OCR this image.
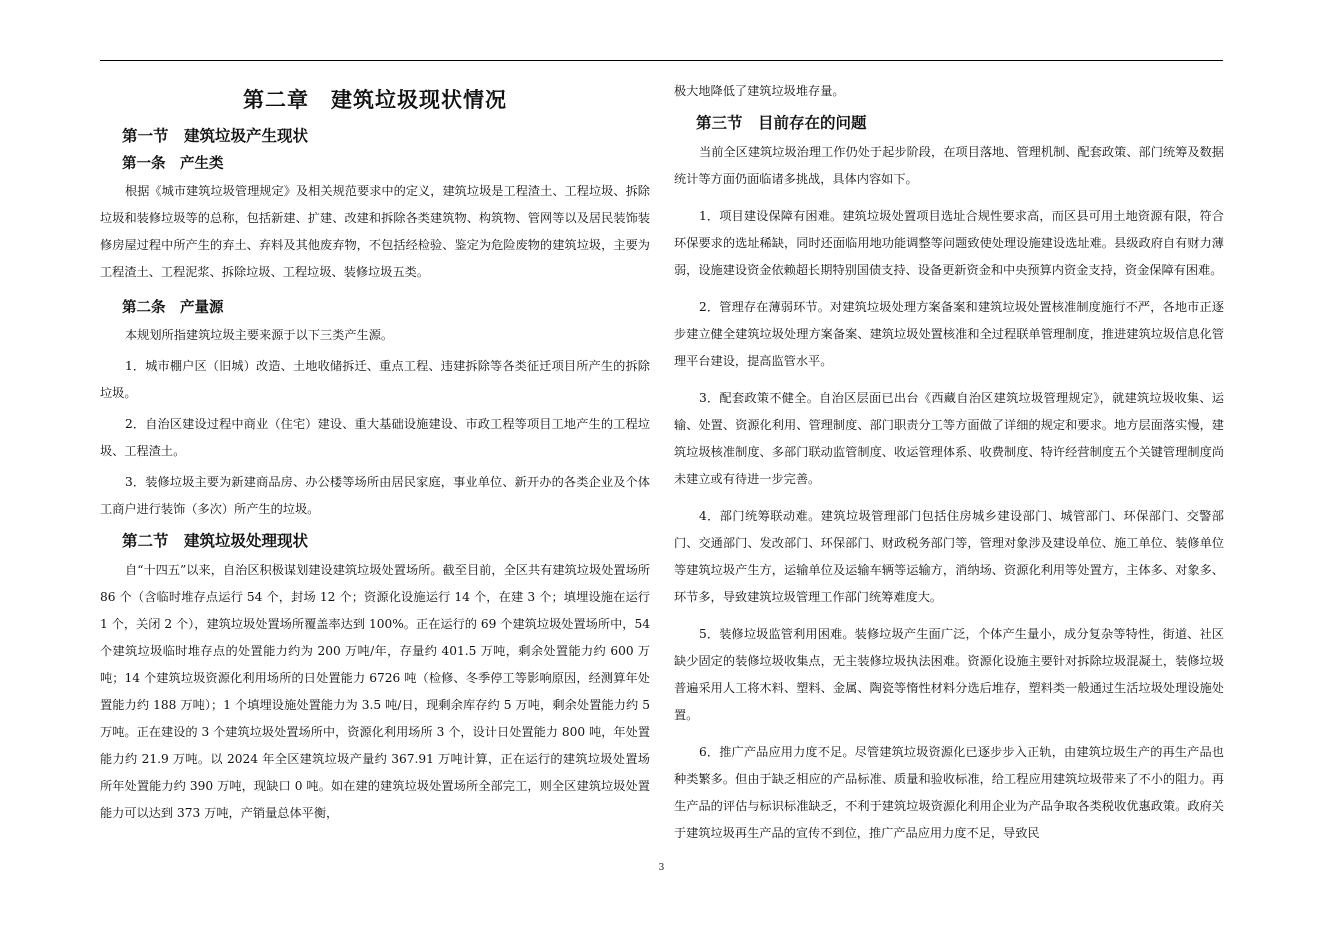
第二章　建筑垃圾现状情况
第一节　建筑垃圾产生现状
第一条　产生类

根据《城市建筑垃圾管理规定》及相关规范要求中的定义，建筑垃圾是工程渣土、工程垃圾、拆除垃圾和装修垃圾等的总称，包括新建、扩建、改建和拆除各类建筑物、构筑物、管网等以及居民装饰装修房屋过程中所产生的弃土、弃料及其他废弃物，不包括经检验、鉴定为危险废物的建筑垃圾，主要为工程渣土、工程泥浆、拆除垃圾、工程垃圾、装修垃圾五类。

第二条　产量源

本规划所指建筑垃圾主要来源于以下三类产生源。

1．城市棚户区（旧城）改造、土地收储拆迁、重点工程、违建拆除等各类征迁项目所产生的拆除垃圾。

2．自治区建设过程中商业（住宅）建设、重大基础设施建设、市政工程等项目工地产生的工程垃圾、工程渣土。

3．装修垃圾主要为新建商品房、办公楼等场所由居民家庭，事业单位、新开办的各类企业及个体工商户进行装饰（多次）所产生的垃圾。

第二节　建筑垃圾处理现状

自“十四五”以来，自治区积极谋划建设建筑垃圾处置场所。截至目前，全区共有建筑垃圾处置场所 86 个（含临时堆存点运行 54 个，封场 12 个；资源化设施运行 14 个，在建 3 个；填埋设施在运行 1 个，关闭 2 个），建筑垃圾处置场所覆盖率达到 100%。正在运行的 69 个建筑垃圾处置场所中，54 个建筑垃圾临时堆存点的处置能力约为 200 万吨/年，存量约 401.5 万吨，剩余处置能力约 600 万吨；14 个建筑垃圾资源化利用场所的日处置能力 6726 吨（检修、冬季停工等影响原因，经测算年处置能力约 188 万吨）；1 个填埋设施处置能力为 3.5 吨/日，现剩余库存约 5 万吨，剩余处置能力约 5 万吨。正在建设的 3 个建筑垃圾处置场所中，资源化利用场所 3 个，设计日处置能力 800 吨，年处置能力约 21.9 万吨。以 2024 年全区建筑垃圾产量约 367.91 万吨计算，正在运行的建筑垃圾处置场所年处置能力约 390 万吨，现缺口 0 吨。如在建的建筑垃圾处置场所全部完工，则全区建筑垃圾处置能力可以达到 373 万吨，产销量总体平衡，

极大地降低了建筑垃圾堆存量。

第三节　目前存在的问题

当前全区建筑垃圾治理工作仍处于起步阶段，在项目落地、管理机制、配套政策、部门统筹及数据统计等方面仍面临诸多挑战，具体内容如下。

1．项目建设保障有困难。建筑垃圾处置项目选址合规性要求高，而区县可用土地资源有限，符合环保要求的选址稀缺，同时还面临用地功能调整等问题致使处理设施建设选址难。县级政府自有财力薄弱，设施建设资金依赖超长期特别国债支持、设备更新资金和中央预算内资金支持，资金保障有困难。

2．管理存在薄弱环节。对建筑垃圾处理方案备案和建筑垃圾处置核准制度施行不严，各地市正逐步建立健全建筑垃圾处理方案备案、建筑垃圾处置核准和全过程联单管理制度，推进建筑垃圾信息化管理平台建设，提高监管水平。

3．配套政策不健全。自治区层面已出台《西藏自治区建筑垃圾管理规定》，就建筑垃圾收集、运输、处置、资源化利用、管理制度、部门职责分工等方面做了详细的规定和要求。地方层面落实慢，建筑垃圾核准制度、多部门联动监管制度、收运管理体系、收费制度、特许经营制度五个关键管理制度尚未建立或有待进一步完善。

4．部门统筹联动难。建筑垃圾管理部门包括住房城乡建设部门、城管部门、环保部门、交警部门、交通部门、发改部门、环保部门、财政税务部门等，管理对象涉及建设单位、施工单位、装修单位等建筑垃圾产生方，运输单位及运输车辆等运输方，消纳场、资源化利用等处置方，主体多、对象多、环节多，导致建筑垃圾管理工作部门统筹难度大。

5．装修垃圾监管利用困难。装修垃圾产生面广泛，个体产生量小，成分复杂等特性，街道、社区缺少固定的装修垃圾收集点，无主装修垃圾执法困难。资源化设施主要针对拆除垃圾混凝土，装修垃圾普遍采用人工将木料、塑料、金属、陶瓷等惰性材料分选后堆存，塑料类一般通过生活垃圾处理设施处置。

6．推广产品应用力度不足。尽管建筑垃圾资源化已逐步步入正轨，由建筑垃圾生产的再生产品也种类繁多。但由于缺乏相应的产品标准、质量和验收标准，给工程应用建筑垃圾带来了不小的阻力。再生产品的评估与标识标准缺乏，不利于建筑垃圾资源化利用企业为产品争取各类税收优惠政策。政府关于建筑垃圾再生产品的宣传不到位，推广产品应用力度不足，导致民

3
